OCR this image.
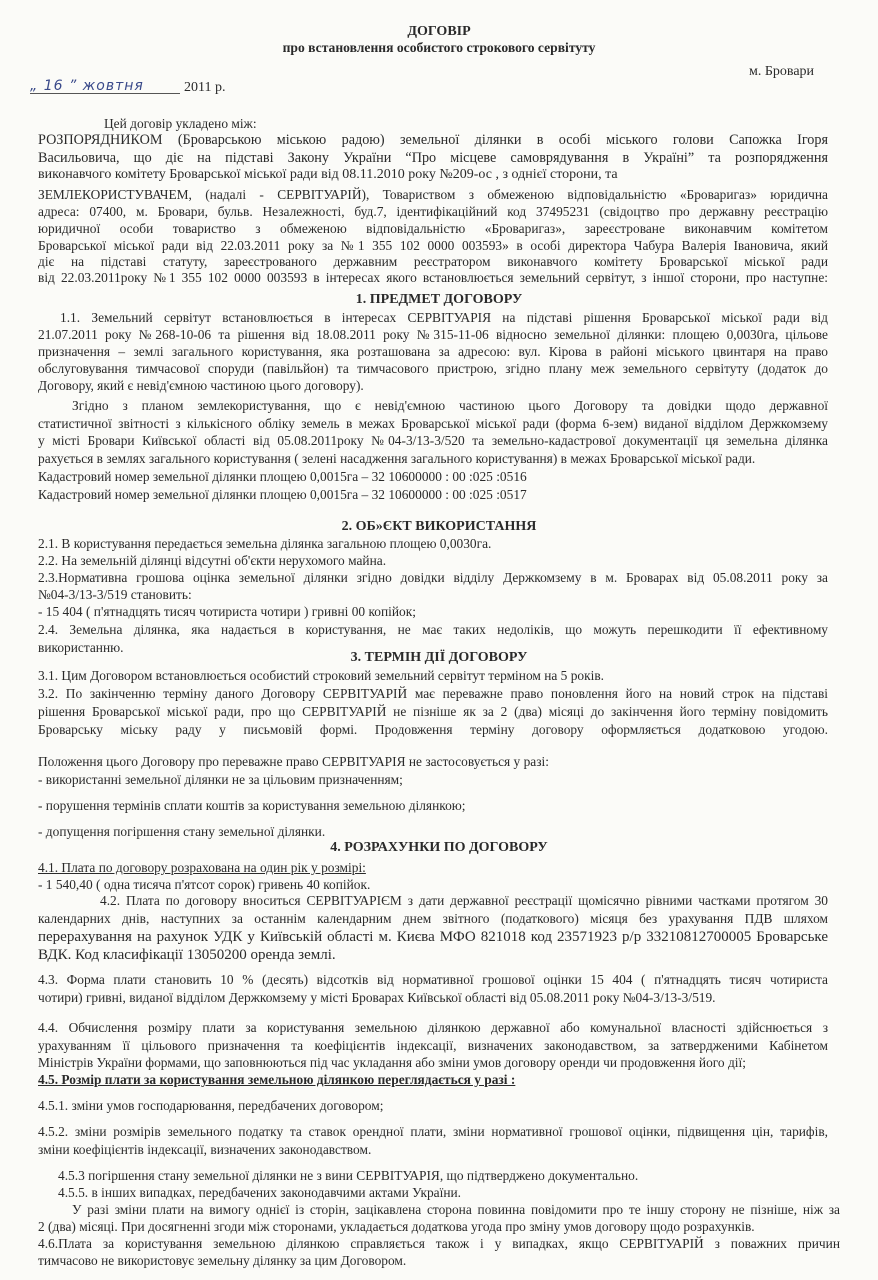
ДОГОВІР
про встановлення особистого строкового сервітуту
м. Бровари
„ 16 ” жовтня	2011 р.
Цей договір укладено між:
РОЗПОРЯДНИКОМ (Броварською міською радою) земельної ділянки в особі міського голови Сапожка Ігоря
Васильовича, що діє на підставі Закону України “Про місцеве самоврядування в Україні” та розпорядження
виконавчого комітету Броварської міської ради від 08.11.2010 року №209-ос , з однієї сторони, та
ЗЕМЛЕКОРИСТУВАЧЕМ, (надалі - СЕРВІТУАРІЙ), Товариством з обмеженою відповідальністю «Броваригаз» юридична
адреса: 07400, м. Бровари, бульв. Незалежності, буд.7, ідентифікаційний код 37495231 (свідоцтво про державну реєстрацію
юридичної особи товариство з обмеженою відповідальністю «Броваригаз», зареєстроване виконавчим комітетом
Броварської міської ради від 22.03.2011 року за №1 355 102 0000 003593» в особі директора Чабура Валерія Івановича, який
діє на підставі статуту, зареєстрованого державним реєстратором виконавчого комітету Броварської міської ради
від 22.03.2011року №1 355 102 0000 003593 в інтересах якого встановлюється земельний сервітут, з іншої сторони, про наступне:
1. ПРЕДМЕТ ДОГОВОРУ
1.1. Земельний сервітут встановлюється в інтересах СЕРВІТУАРІЯ на підставі рішення Броварської міської ради від
21.07.2011 року №268-10-06 та рішення від 18.08.2011 року №315-11-06 відносно земельної ділянки: площею 0,0030га, цільове
призначення – землі загального користування, яка розташована за адресою: вул. Кірова в районі міського цвинтаря на право
обслуговування тимчасової споруди (павільйон) та тимчасового пристрою, згідно плану меж земельного сервітуту (додаток до
Договору, який є невід'ємною частиною цього договору).
Згідно з планом землекористування, що є невід'ємною частиною цього Договору та довідки щодо державної
статистичної звітності з кількісного обліку земель в межах Броварської міської ради (форма 6-зем) виданої відділом Держкомзему
у місті Бровари Київської області від 05.08.2011року №04-3/13-3/520 та земельно-кадастрової документації ця земельна ділянка
рахується в землях загального користування ( зелені насадження загального користування) в межах Броварської міської ради.
Кадастровий номер земельної ділянки площею 0,0015га – 32 10600000 : 00 :025 :0516
Кадастровий номер земельної ділянки площею 0,0015га – 32 10600000 : 00 :025 :0517
2. ОБ»ЄКТ ВИКОРИСТАННЯ
2.1. В користування передається земельна ділянка загальною площею 0,0030га.
2.2. На земельній ділянці відсутні об'єкти нерухомого майна.
2.3.Нормативна грошова оцінка земельної ділянки згідно довідки відділу Держкомзему в м. Броварах від 05.08.2011 року за
№04-3/13-3/519 становить:
- 15 404 ( п'ятнадцять тисяч чотириста чотири ) гривні 00 копійок;
2.4. Земельна ділянка, яка надається в користування, не має таких недоліків, що можуть перешкодити її ефективному
використанню.
3. ТЕРМІН ДІЇ ДОГОВОРУ
3.1. Цим Договором встановлюється особистий строковий земельний сервітут терміном на 5 років.
3.2. По закінченню терміну даного Договору СЕРВІТУАРІЙ має переважне право поновлення його на новий строк на підставі
рішення Броварської міської ради, про що СЕРВІТУАРІЙ не пізніше як за 2 (два) місяці до закінчення його терміну повідомить
Броварську міську раду у письмовій формі. Продовження терміну договору оформляється додатковою угодою.
Положення цього Договору про переважне право СЕРВІТУАРІЯ не застосовується у разі:
- використанні земельної ділянки не за цільовим призначенням;
- порушення термінів сплати коштів за користування земельною ділянкою;
- допущення погіршення стану земельної ділянки.
4. РОЗРАХУНКИ ПО ДОГОВОРУ
4.1. Плата по договору розрахована на один рік у розмірі:
- 1 540,40 ( одна тисяча п'ятсот сорок) гривень 40 копійок.
4.2. Плата по договору вноситься СЕРВІТУАРІЄМ з дати державної реєстрації щомісячно рівними частками протягом 30
календарних днів, наступних за останнім календарним днем звітного (податкового) місяця без урахування ПДВ шляхом
перерахування на рахунок УДК у Київській області м. Києва МФО 821018 код 23571923 р/р 33210812700005 Броварське
ВДК. Код класифікації 13050200 оренда землі.
4.3. Форма плати становить 10 % (десять) відсотків від нормативної грошової оцінки 15 404 ( п'ятнадцять тисяч чотириста
чотири) гривні, виданої відділом Держкомзему у місті Броварах Київської області від 05.08.2011 року №04-3/13-3/519.
4.4. Обчислення розміру плати за користування земельною ділянкою державної або комунальної власності здійснюється з
урахуванням її цільового призначення та коефіцієнтів індексації, визначених законодавством, за затвердженими Кабінетом
Міністрів України формами, що заповнюються під час укладання або зміни умов договору оренди чи продовження його дії;
4.5. Розмір плати за користування земельною ділянкою переглядається у разі :
4.5.1. зміни умов господарювання, передбачених договором;
4.5.2. зміни розмірів земельного податку та ставок орендної плати, зміни нормативної грошової оцінки, підвищення цін, тарифів,
зміни коефіцієнтів індексації, визначених законодавством.
4.5.3 погіршення стану земельної ділянки не з вини СЕРВІТУАРІЯ, що підтверджено документально.
4.5.5. в інших випадках, передбачених законодавчими актами України.
У разі зміни плати на вимогу однієї із сторін, зацікавлена сторона повинна повідомити про те іншу сторону не пізніше, ніж за
2 (два) місяці. При досягненні згоди між сторонами, укладається додаткова угода про зміну умов договору щодо розрахунків.
4.6.Плата за користування земельною ділянкою справляється також і у випадках, якщо СЕРВІТУАРІЙ з поважних причин
тимчасово не використовує земельну ділянку за цим Договором.
